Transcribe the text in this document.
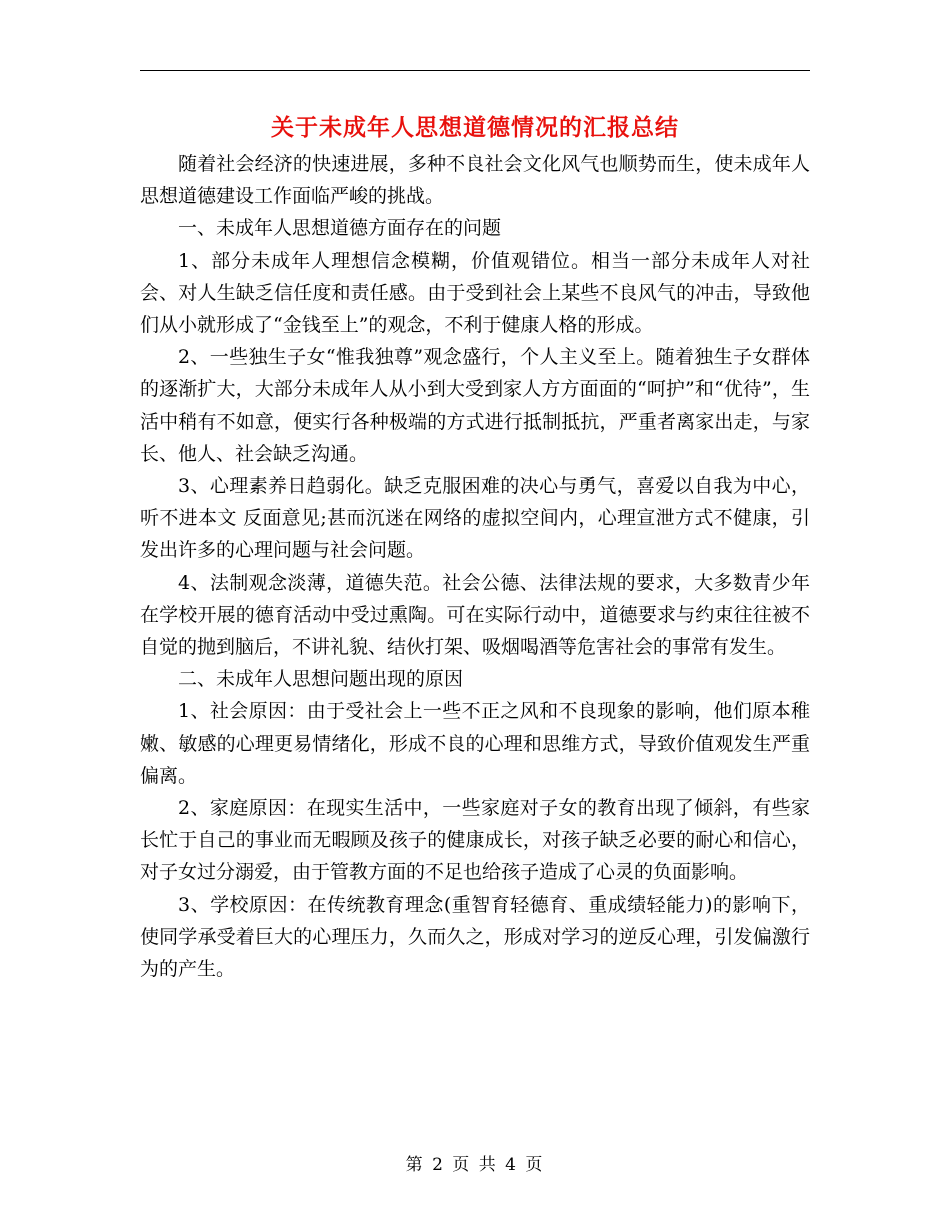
关于未成年人思想道德情况的汇报总结

随着社会经济的快速进展，多种不良社会文化风气也顺势而生，使未成年人思想道德建设工作面临严峻的挑战。

一、未成年人思想道德方面存在的问题

1、部分未成年人理想信念模糊，价值观错位。相当一部分未成年人对社会、对人生缺乏信任度和责任感。由于受到社会上某些不良风气的冲击，导致他们从小就形成了“金钱至上”的观念，不利于健康人格的形成。

2、一些独生子女“惟我独尊”观念盛行，个人主义至上。随着独生子女群体的逐渐扩大，大部分未成年人从小到大受到家人方方面面的“呵护”和“优待”，生活中稍有不如意，便实行各种极端的方式进行抵制抵抗，严重者离家出走，与家长、他人、社会缺乏沟通。

3、心理素养日趋弱化。缺乏克服困难的决心与勇气，喜爱以自我为中心，听不进本文 反面意见;甚而沉迷在网络的虚拟空间内，心理宣泄方式不健康，引发出许多的心理问题与社会问题。

4、法制观念淡薄，道德失范。社会公德、法律法规的要求，大多数青少年在学校开展的德育活动中受过熏陶。可在实际行动中，道德要求与约束往往被不自觉的抛到脑后，不讲礼貌、结伙打架、吸烟喝酒等危害社会的事常有发生。

二、未成年人思想问题出现的原因

1、社会原因：由于受社会上一些不正之风和不良现象的影响，他们原本稚嫩、敏感的心理更易情绪化，形成不良的心理和思维方式，导致价值观发生严重偏离。

2、家庭原因：在现实生活中，一些家庭对子女的教育出现了倾斜，有些家长忙于自己的事业而无暇顾及孩子的健康成长，对孩子缺乏必要的耐心和信心，对子女过分溺爱，由于管教方面的不足也给孩子造成了心灵的负面影响。

3、学校原因：在传统教育理念(重智育轻德育、重成绩轻能力)的影响下，使同学承受着巨大的心理压力，久而久之，形成对学习的逆反心理，引发偏激行为的产生。

第 2 页 共 4 页
